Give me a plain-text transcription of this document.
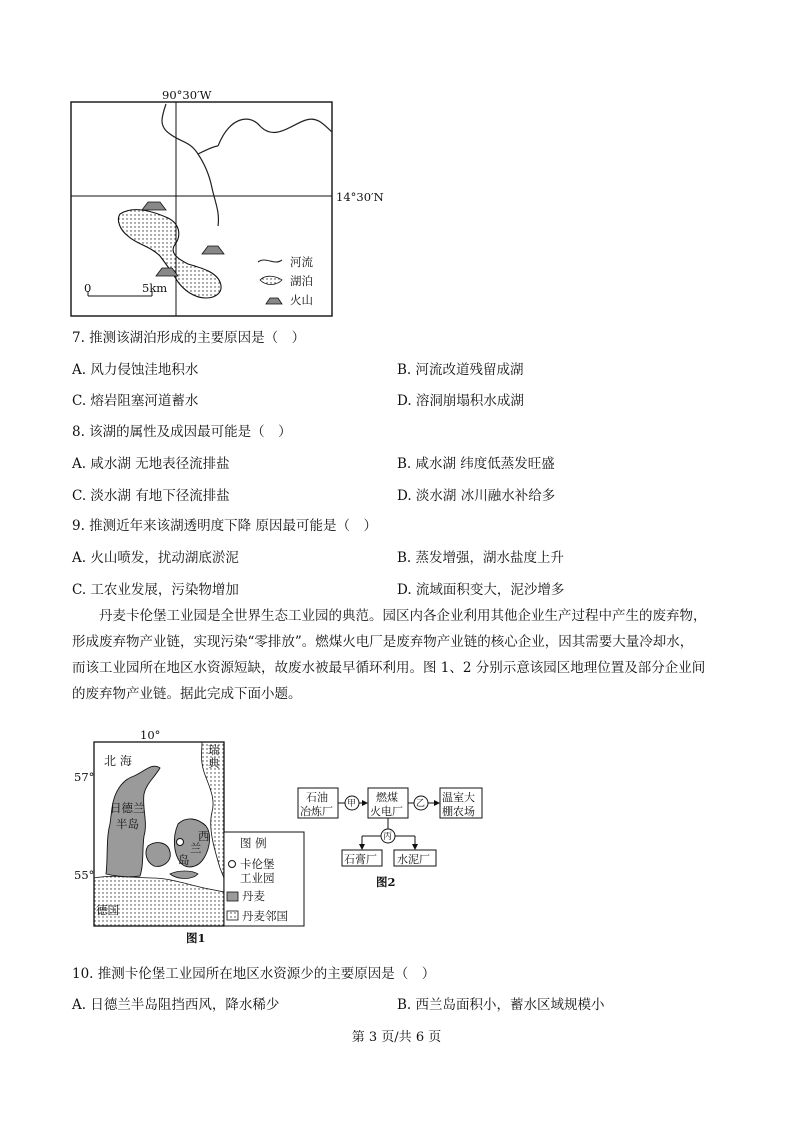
90°30′W
14°30′N
0	5km
河流
湖泊
火山
7. 推测该湖泊形成的主要原因是（　）
A. 风力侵蚀洼地积水	B. 河流改道残留成湖
C. 熔岩阻塞河道蓄水	D. 溶洞崩塌积水成湖
8. 该湖的属性及成因最可能是（　）
A. 咸水湖 无地表径流排盐	B. 咸水湖 纬度低蒸发旺盛
C. 淡水湖 有地下径流排盐	D. 淡水湖 冰川融水补给多
9. 推测近年来该湖透明度下降 原因最可能是（　）
A. 火山喷发，扰动湖底淤泥	B. 蒸发增强，湖水盐度上升
C. 工农业发展，污染物增加	D. 流域面积变大，泥沙增多

丹麦卡伦堡工业园是全世界生态工业园的典范。园区内各企业利用其他企业生产过程中产生的废弃物，

形成废弃物产业链，实现污染“零排放”。燃煤火电厂是废弃物产业链的核心企业，因其需要大量冷却水，

而该工业园所在地区水资源短缺，故废水被最早循环利用。图 1、2 分别示意该园区地理位置及部分企业间

的废弃物产业链。据此完成下面小题。

10°
57°
55°
北 海
瑞
典
日德兰
半岛
西
兰
岛
德国
图 例
卡伦堡
工业园
丹麦
丹麦邻国
图1
石油
冶炼厂
燃煤
火电厂
温室大
棚农场
甲	乙
丙
石膏厂 水泥厂
图2
10. 推测卡伦堡工业园所在地区水资源少的主要原因是（　）
A. 日德兰半岛阻挡西风，降水稀少	B. 西兰岛面积小，蓄水区域规模小
第 3 页/共 6 页
